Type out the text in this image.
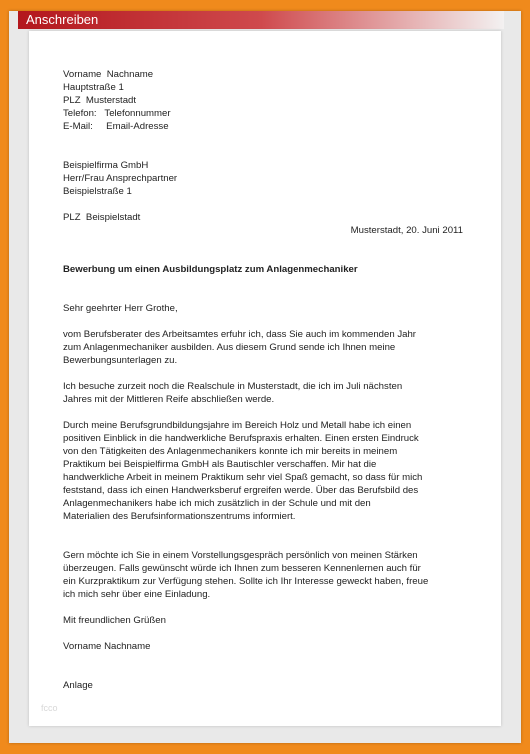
Anschreiben
Vorname  Nachname
Hauptstraße 1
PLZ  Musterstadt
Telefon:   Telefonnummer
E-Mail:     Email-Adresse
Beispielfirma GmbH
Herr/Frau Ansprechpartner
Beispielstraße 1
PLZ  Beispielstadt
Musterstadt, 20. Juni 2011
Bewerbung um einen Ausbildungsplatz zum Anlagenmechaniker
Sehr geehrter Herr Grothe,
vom Berufsberater des Arbeitsamtes erfuhr ich, dass Sie auch im kommenden Jahr
zum Anlagenmechaniker ausbilden. Aus diesem Grund sende ich Ihnen meine
Bewerbungsunterlagen zu.
Ich besuche zurzeit noch die Realschule in Musterstadt, die ich im Juli nächsten
Jahres mit der Mittleren Reife abschließen werde.
Durch meine Berufsgrundbildungsjahre im Bereich Holz und Metall habe ich einen
positiven Einblick in die handwerkliche Berufspraxis erhalten. Einen ersten Eindruck
von den Tätigkeiten des Anlagenmechanikers konnte ich mir bereits in meinem
Praktikum bei Beispielfirma GmbH als Bautischler verschaffen. Mir hat die
handwerkliche Arbeit in meinem Praktikum sehr viel Spaß gemacht, so dass für mich
feststand, dass ich einen Handwerksberuf ergreifen werde. Über das Berufsbild des
Anlagenmechanikers habe ich mich zusätzlich in der Schule und mit den
Materialien des Berufsinformationszentrums informiert.
Gern möchte ich Sie in einem Vorstellungsgespräch persönlich von meinen Stärken
überzeugen. Falls gewünscht würde ich Ihnen zum besseren Kennenlernen auch für
ein Kurzpraktikum zur Verfügung stehen. Sollte ich Ihr Interesse geweckt haben, freue
ich mich sehr über eine Einladung.
Mit freundlichen Grüßen
Vorname Nachname
Anlage
fcco
